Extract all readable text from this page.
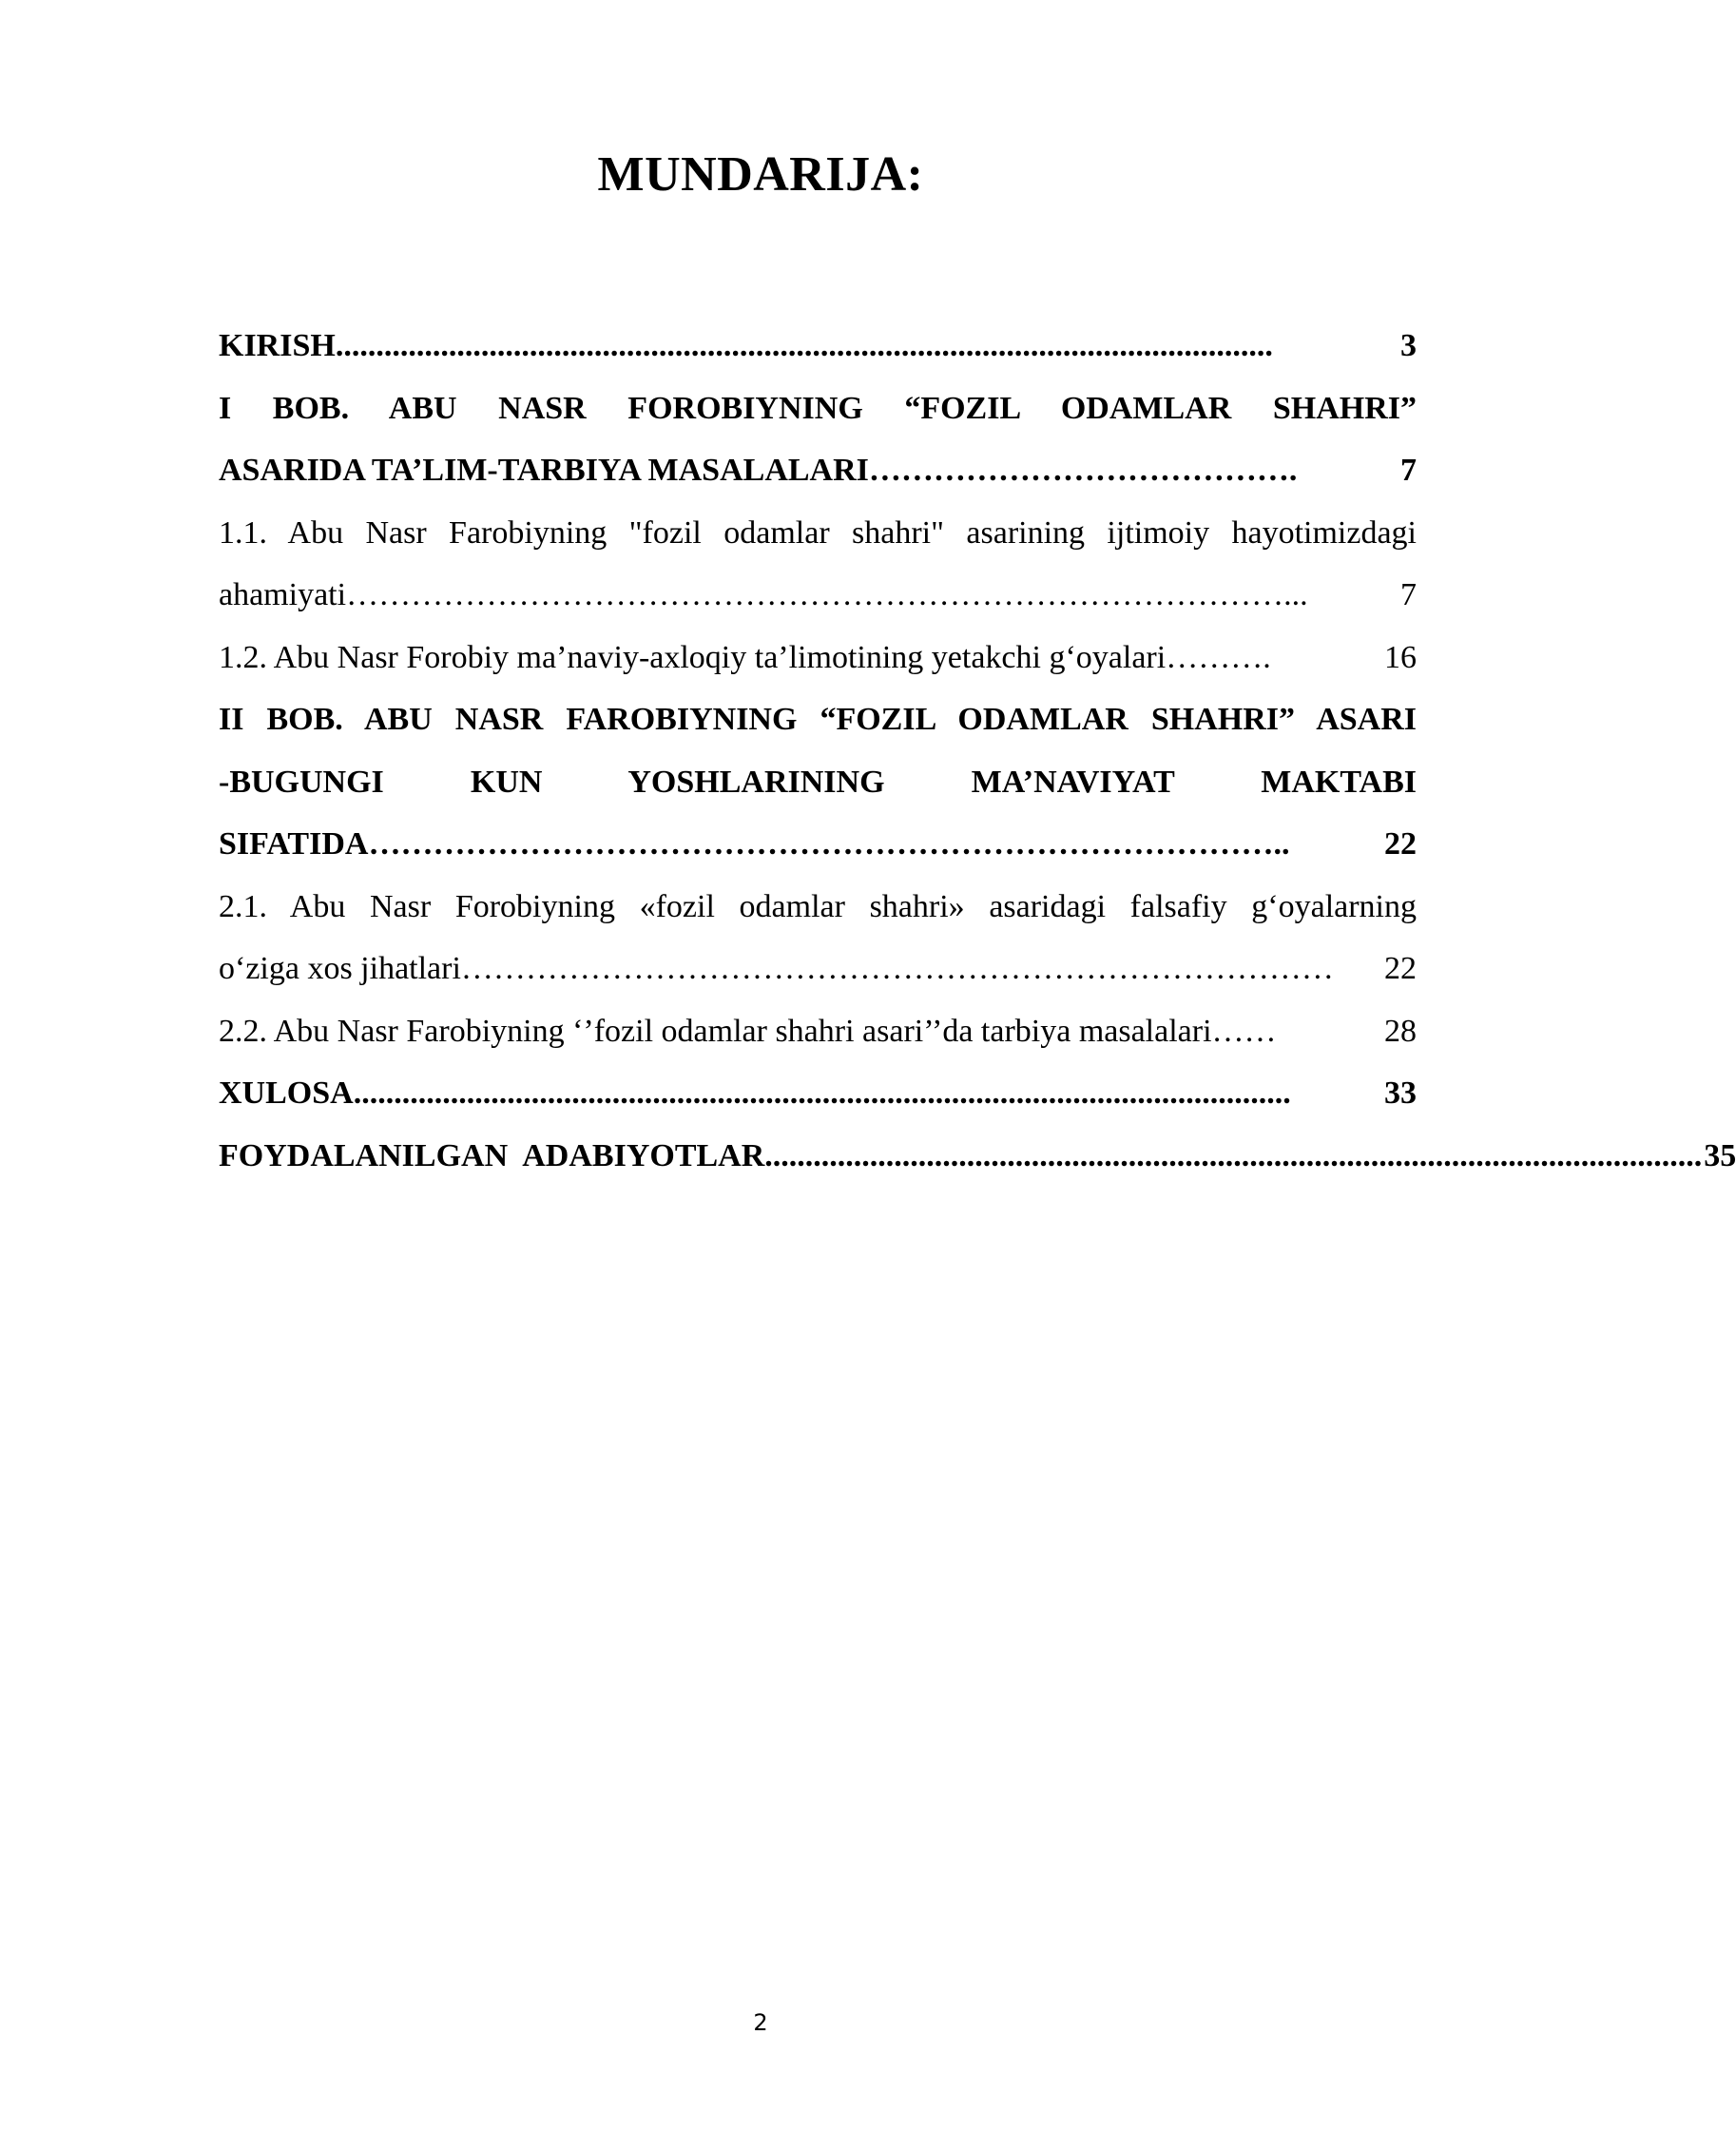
MUNDARIJA:
KIRISH ....................................................................................................................	3
I BOB. ABU NASR FOROBIYNING “FOZIL ODAMLAR SHAHRI”
ASARIDA TA’LIM-TARBIYA MASALALARI ………………………………….	7
1.1. Abu Nasr Farobiyning "fozil odamlar shahri" asarining ijtimoiy hayotimizdagi
ahamiyati ……………………………………………………………………………...	7
1.2. Abu Nasr Forobiy ma’naviy-axloqiy ta’limotining yetakchi g‘oyalari ……….	16
II BOB. ABU NASR FAROBIYNING “FOZIL ODAMLAR SHAHRI” ASARI
-BUGUNGI KUN YOSHLARINING MA’NAVIYAT MAKTABI
SIFATIDA …………………………………………………………………………..	22
2.1. Abu Nasr Forobiyning «fozil odamlar shahri» asaridagi falsafiy g‘oyalarning
o‘ziga xos jihatlari ………………………………………………………………………	22
2.2. Abu Nasr Farobiyning ‘’fozil odamlar shahri asari’’da tarbiya masalalari ……	28
XULOSA ....................................................................................................................	33
FOYDALANILGAN  ADABIYOTLAR .................................................................................................................... 35
2
